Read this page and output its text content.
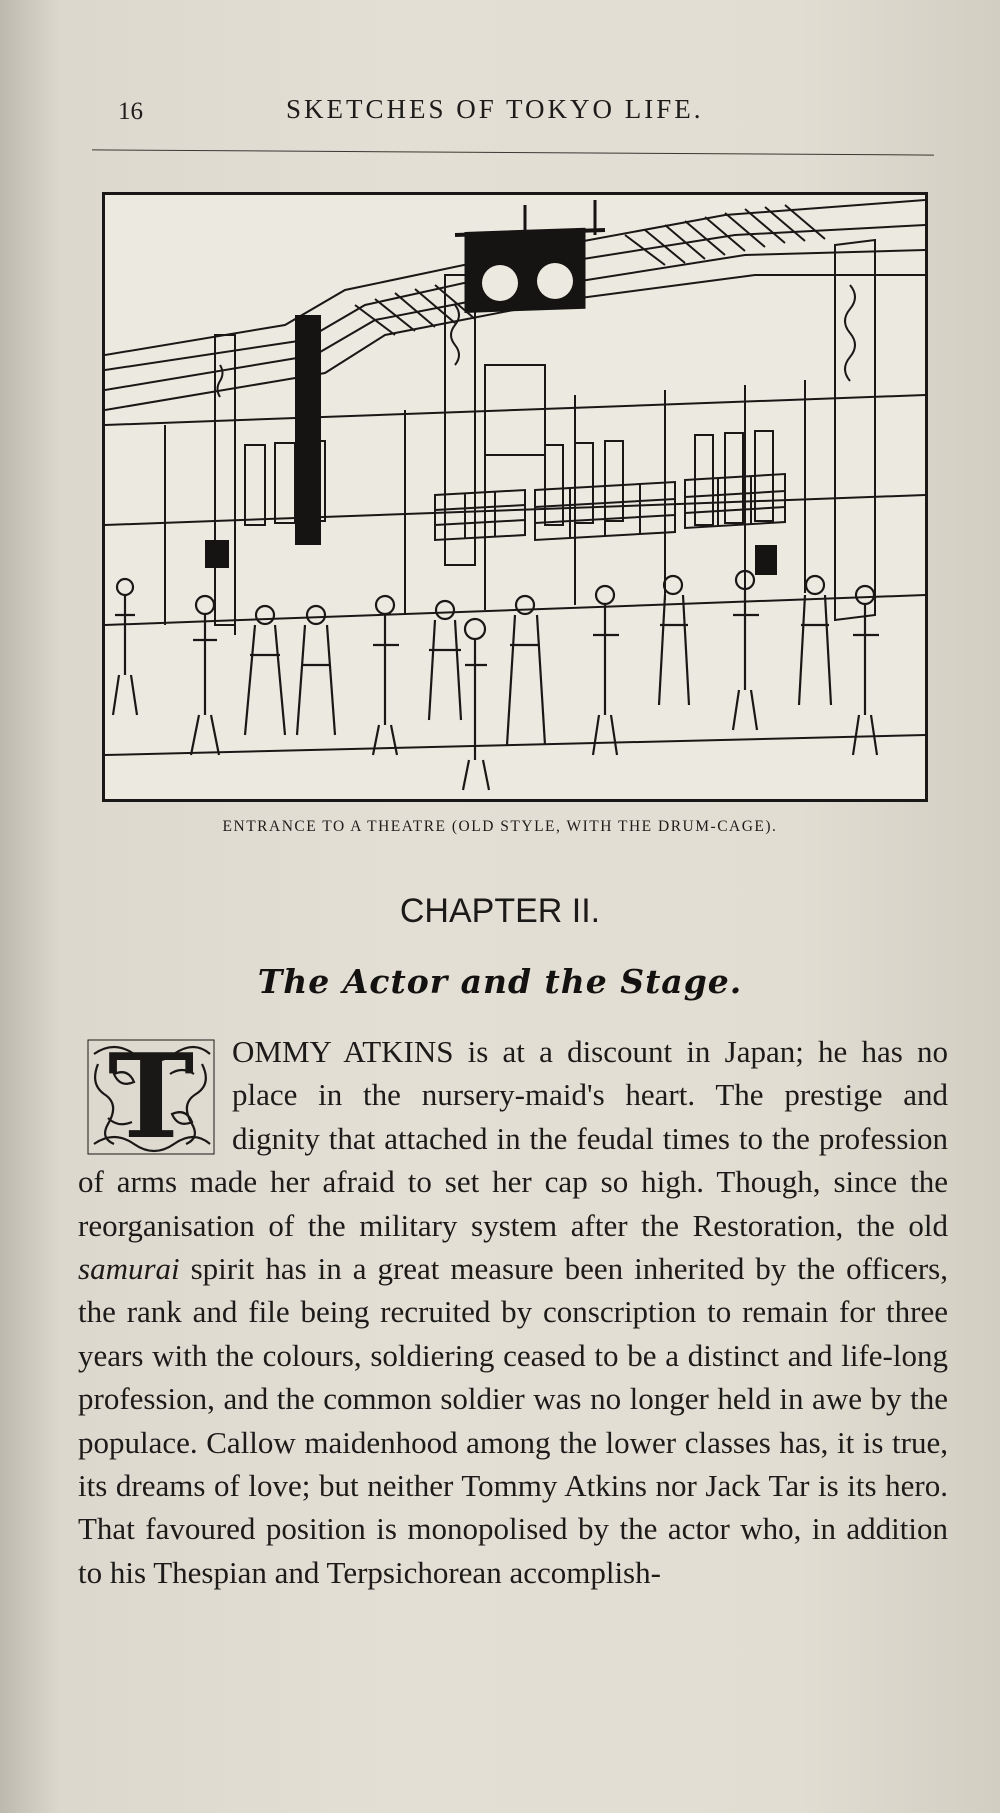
16	SKETCHES OF TOKYO LIFE.
ENTRANCE TO A THEATRE (OLD STYLE, WITH THE DRUM-CAGE).
CHAPTER II.
The Actor and the Stage.
T	OMMY ATKINS is at a discount in Japan; he has no place in the nursery-maid's heart. The prestige and dignity that attached in the feudal times to the profession of arms made her afraid to set her cap so high. Though, since the reorganisation of the military system after the Restoration, the old samurai spirit has in a great measure been inherited by the officers, the rank and file being recruited by conscription to remain for three years with the colours, soldiering ceased to be a distinct and life-long profession, and the common soldier was no longer held in awe by the populace. Callow maidenhood among the lower classes has, it is true, its dreams of love; but neither Tommy Atkins nor Jack Tar is its hero. That favoured position is monopolised by the actor who, in addition to his Thespian and Terpsichorean accomplish-
